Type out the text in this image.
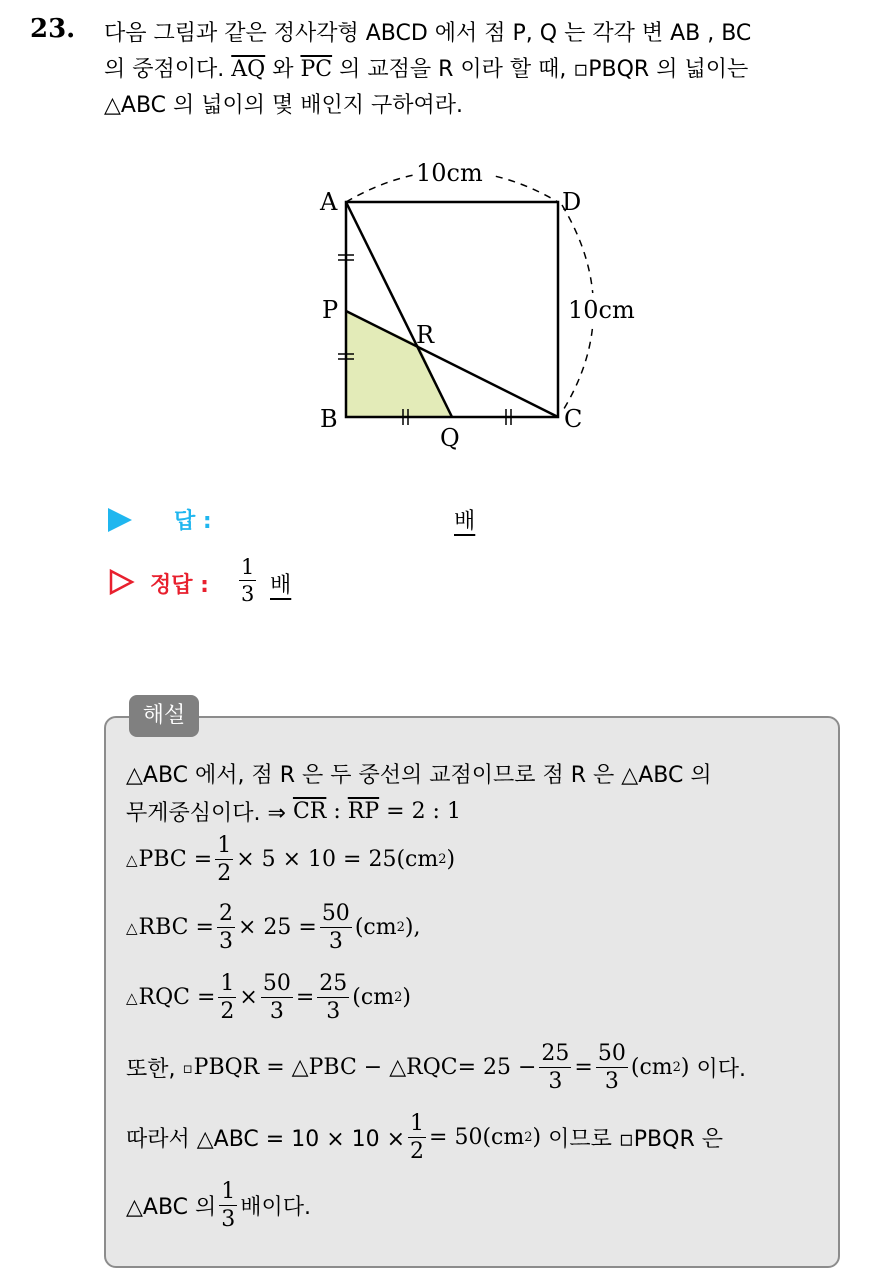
23. 다음 그림과 같은 정사각형 ABCD 에서 점 P, Q 는 각각 변 AB , BC
의 중점이다. $\overline{AQ}$ 와 $\overline{PC}$ 의 교점을 R 이라 할 때, ▫PBQR 의 넓이는
△ABC 의 넓이의 몇 배인지 구하여라.
10cm
10cm
A	D
B	C
P
Q
R
답 :	배
정답 : $\frac{1}{3}$ 배
해설
△ABC 에서, 점 R 은 두 중선의 교점이므로 점 R 은 △ABC 의
무게중심이다. ⇒
$\overline{CR}$
:
$\overline{RP}$
= 2 : 1
△ PBC = $\frac{1}{2} \times 5 \times 10 = 25(cm$ 2 )
△ RBC = $\frac{2}{3} \times 25 = \frac{50}{3} (cm$ 2 ),
△ RQC = $\frac{1}{2} \times \frac{50}{3} = \frac{25}{3} (cm$ 2 )
또한,
▫ PBQR = △PBC − △RQC= $25 - \frac{25}{3} = \frac{50}{3} (cm$ 2 )
이다.
따라서 △ABC = $10 \times 10 \times \frac{1}{2} = 50(cm$ 2 )
이므로 ▫PBQR 은
△ABC 의 $\frac{1}{3}$ 배이다.
